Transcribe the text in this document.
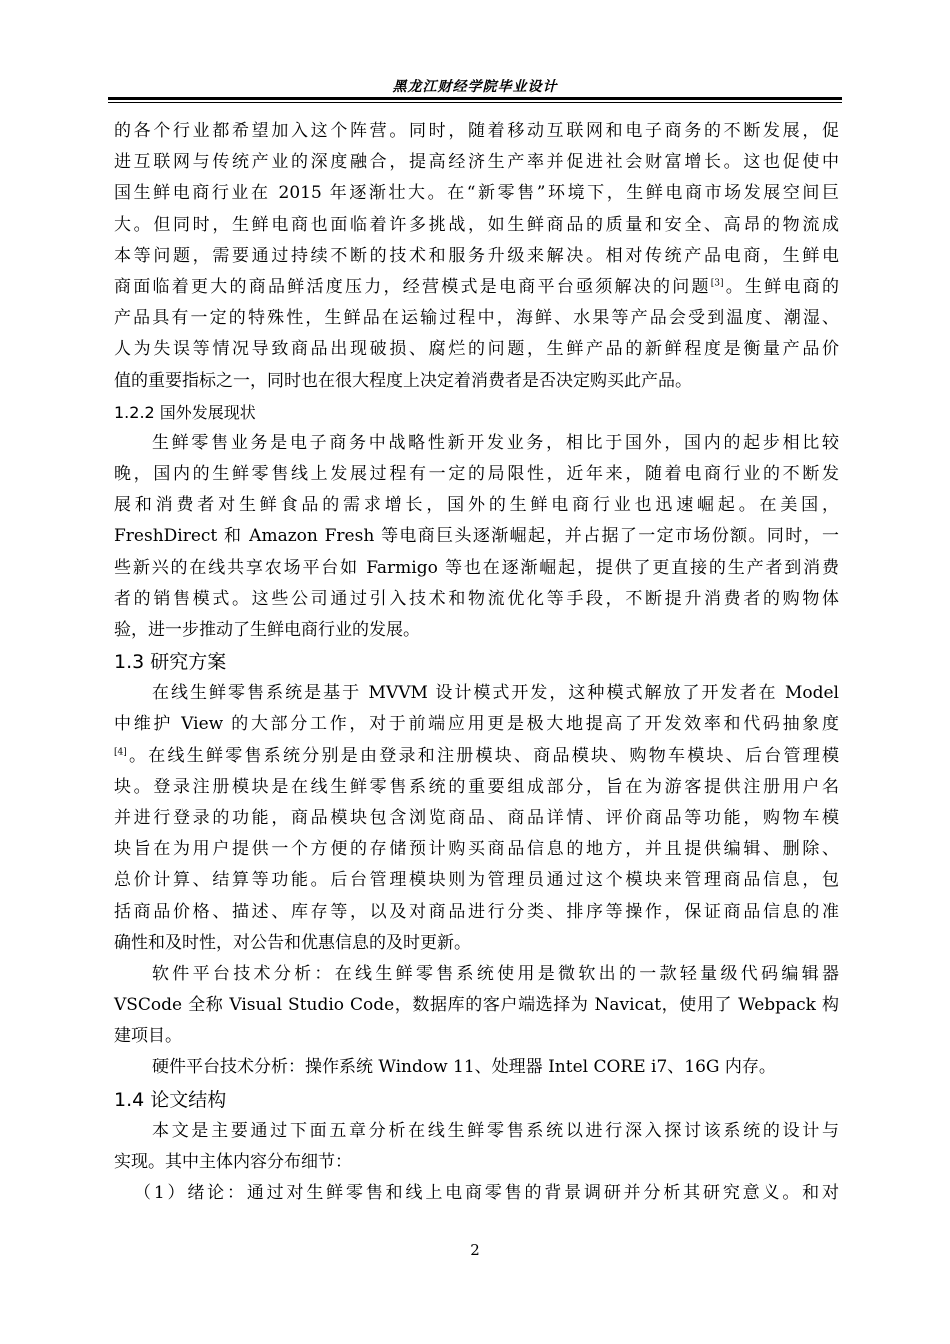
黑龙江财经学院毕业设计
的各个行业都希望加入这个阵营。同时，随着移动互联网和电子商务的不断发展，促
进互联网与传统产业的深度融合，提高经济生产率并促进社会财富增长。这也促使中
国生鲜电商行业在 2015 年逐渐壮大。在“新零售”环境下，生鲜电商市场发展空间巨
大。但同时，生鲜电商也面临着许多挑战，如生鲜商品的质量和安全、高昂的物流成
本等问题，需要通过持续不断的技术和服务升级来解决。相对传统产品电商，生鲜电
商面临着更大的商品鲜活度压力，经营模式是电商平台亟须解决的问题[3]。生鲜电商的
产品具有一定的特殊性，生鲜品在运输过程中，海鲜、水果等产品会受到温度、潮湿、
人为失误等情况导致商品出现破损、腐烂的问题，生鲜产品的新鲜程度是衡量产品价
值的重要指标之一，同时也在很大程度上决定着消费者是否决定购买此产品。
1.2.2 国外发展现状
生鲜零售业务是电子商务中战略性新开发业务，相比于国外，国内的起步相比较
晚，国内的生鲜零售线上发展过程有一定的局限性，近年来，随着电商行业的不断发
展和消费者对生鲜食品的需求增长，国外的生鲜电商行业也迅速崛起。在美国，
FreshDirect 和 Amazon Fresh 等电商巨头逐渐崛起，并占据了一定市场份额。同时，一
些新兴的在线共享农场平台如 Farmigo 等也在逐渐崛起，提供了更直接的生产者到消费
者的销售模式。这些公司通过引入技术和物流优化等手段，不断提升消费者的购物体
验，进一步推动了生鲜电商行业的发展。
1.3 研究方案
在线生鲜零售系统是基于 MVVM 设计模式开发，这种模式解放了开发者在 Model
中维护 View 的大部分工作，对于前端应用更是极大地提高了开发效率和代码抽象度
[4]。在线生鲜零售系统分别是由登录和注册模块、商品模块、购物车模块、后台管理模
块。登录注册模块是在线生鲜零售系统的重要组成部分，旨在为游客提供注册用户名
并进行登录的功能，商品模块包含浏览商品、商品详情、评价商品等功能，购物车模
块旨在为用户提供一个方便的存储预计购买商品信息的地方，并且提供编辑、删除、
总价计算、结算等功能。后台管理模块则为管理员通过这个模块来管理商品信息，包
括商品价格、描述、库存等，以及对商品进行分类、排序等操作，保证商品信息的准
确性和及时性，对公告和优惠信息的及时更新。
软件平台技术分析：在线生鲜零售系统使用是微软出的一款轻量级代码编辑器
VSCode 全称 Visual Studio Code，数据库的客户端选择为 Navicat，使用了 Webpack 构
建项目。
硬件平台技术分析：操作系统 Window 11、处理器 Intel CORE i7、16G 内存。
1.4 论文结构
本文是主要通过下面五章分析在线生鲜零售系统以进行深入探讨该系统的设计与
实现。其中主体内容分布细节：
（1）绪论：通过对生鲜零售和线上电商零售的背景调研并分析其研究意义。和对
2
